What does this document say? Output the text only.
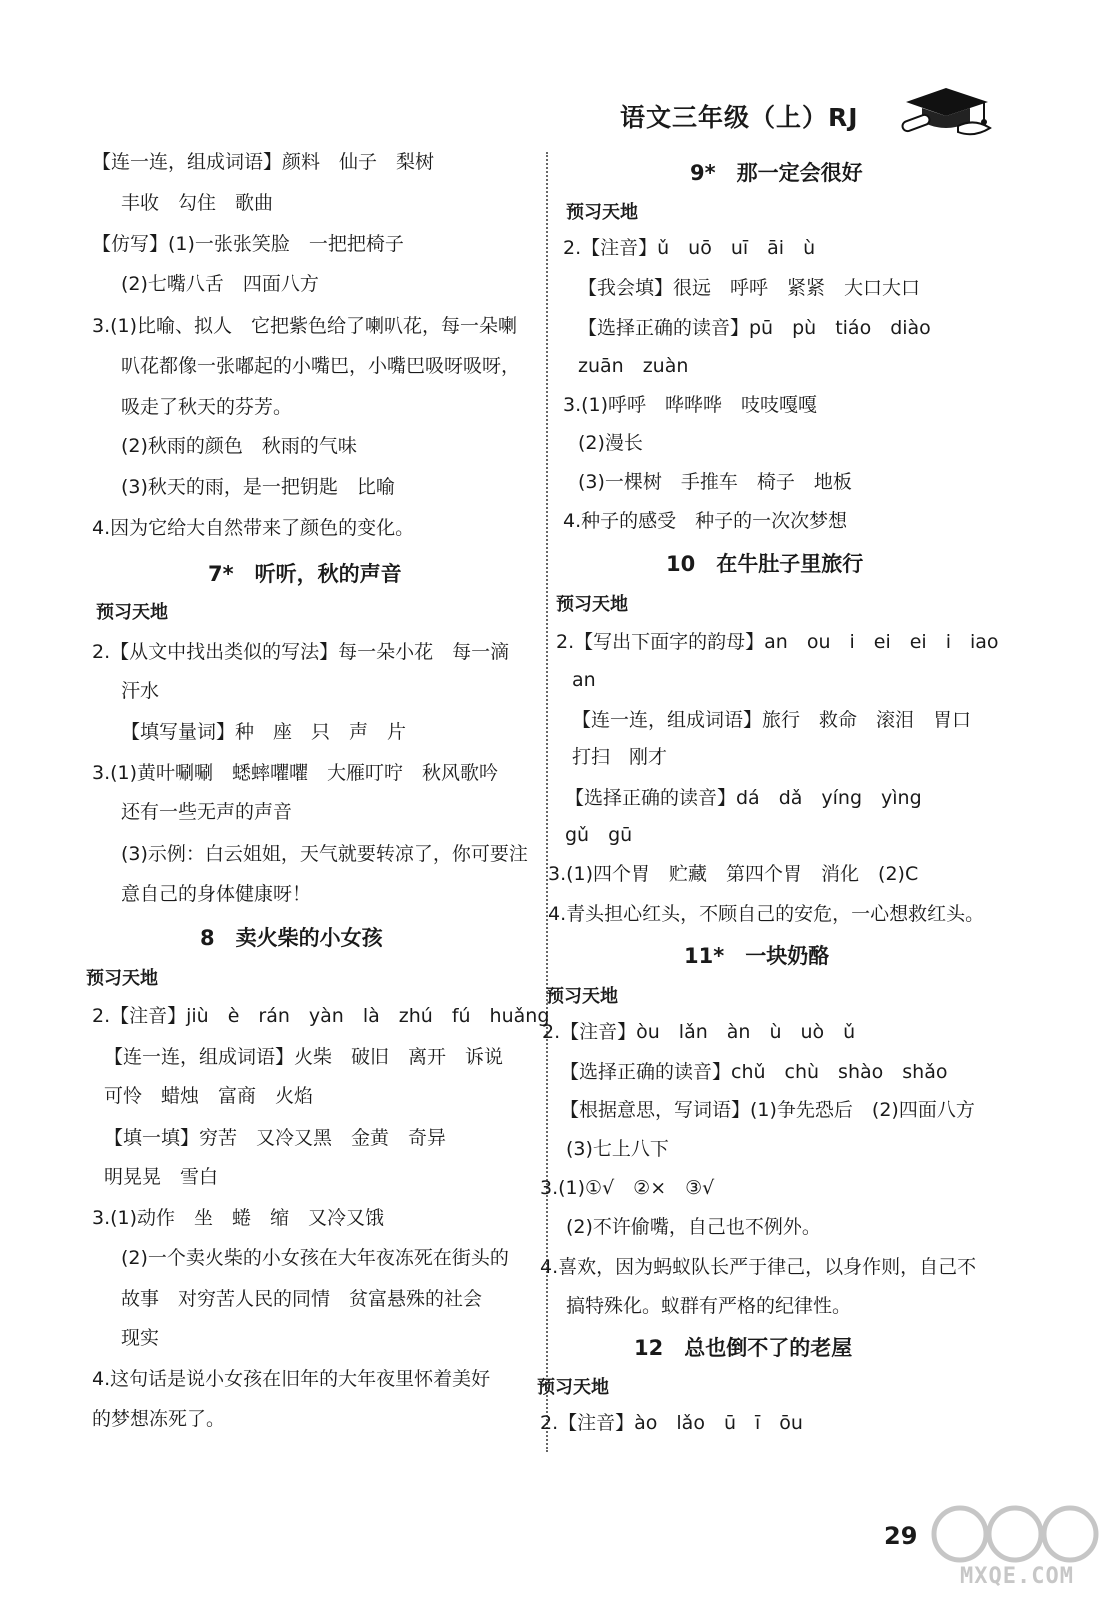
语文三年级（上）RJ
【连一连，组成词语】颜料　仙子　梨树
丰收　勾住　歌曲
【仿写】(1)一张张笑脸　一把把椅子
(2)七嘴八舌　四面八方
3.(1)比喻、拟人　它把紫色给了喇叭花，每一朵喇
叭花都像一张嘟起的小嘴巴，小嘴巴吸呀吸呀，
吸走了秋天的芬芳。
(2)秋雨的颜色　秋雨的气味
(3)秋天的雨，是一把钥匙　比喻
4.因为它给大自然带来了颜色的变化。
2.【从文中找出类似的写法】每一朵小花　每一滴
汗水
【填写量词】种　座　只　声　片
3.(1)黄叶唰唰　蟋蟀㘗㘗　大雁叮咛　秋风歌吟
还有一些无声的声音
(3)示例：白云姐姐，天气就要转凉了，你可要注
意自己的身体健康呀！
2.【注音】jiù　è　rán　yàn　là　zhú　fú　huǎng
【连一连，组成词语】火柴　破旧　离开　诉说
可怜　蜡烛　富商　火焰
【填一填】穷苦　又冷又黑　金黄　奇异
明晃晃　雪白
3.(1)动作　坐　蜷　缩　又冷又饿
(2)一个卖火柴的小女孩在大年夜冻死在街头的
故事　对穷苦人民的同情　贫富悬殊的社会
现实
4.这句话是说小女孩在旧年的大年夜里怀着美好
的梦想冻死了。
2.【注音】ǔ　uō　uī　āi　ù
【我会填】很远　呼呼　紧紧　大口大口
【选择正确的读音】pū　pù　tiáo　diào
zuān　zuàn
3.(1)呼呼　哗哗哗　吱吱嘎嘎
(2)漫长
(3)一棵树　手推车　椅子　地板
4.种子的感受　种子的一次次梦想
2.【写出下面字的韵母】an　ou　i　ei　ei　i　iao
an
【连一连，组成词语】旅行　救命　滚泪　胃口
打扫　刚才
【选择正确的读音】dá　dǎ　yíng　yìng
gǔ　gū
3.(1)四个胃　贮藏　第四个胃　消化　(2)C
4.青头担心红头，不顾自己的安危，一心想救红头。
2.【注音】òu　lǎn　àn　ù　uò　ǔ
【选择正确的读音】chǔ　chù　shào　shǎo
【根据意思，写词语】(1)争先恐后　(2)四面八方
(3)七上八下
3.(1)①√　②×　③√
(2)不许偷嘴，自己也不例外。
4.喜欢，因为蚂蚁队长严于律己，以身作则，自己不
搞特殊化。蚁群有严格的纪律性。
2.【注音】ào　lǎo　ū　ī　ōu
7*　听听，秋的声音
8　卖火柴的小女孩
9*　那一定会很好
10　在牛肚子里旅行
11*　一块奶酪
12　总也倒不了的老屋
预习天地
预习天地
预习天地
预习天地
预习天地
预习天地
29
MXQE.COM
